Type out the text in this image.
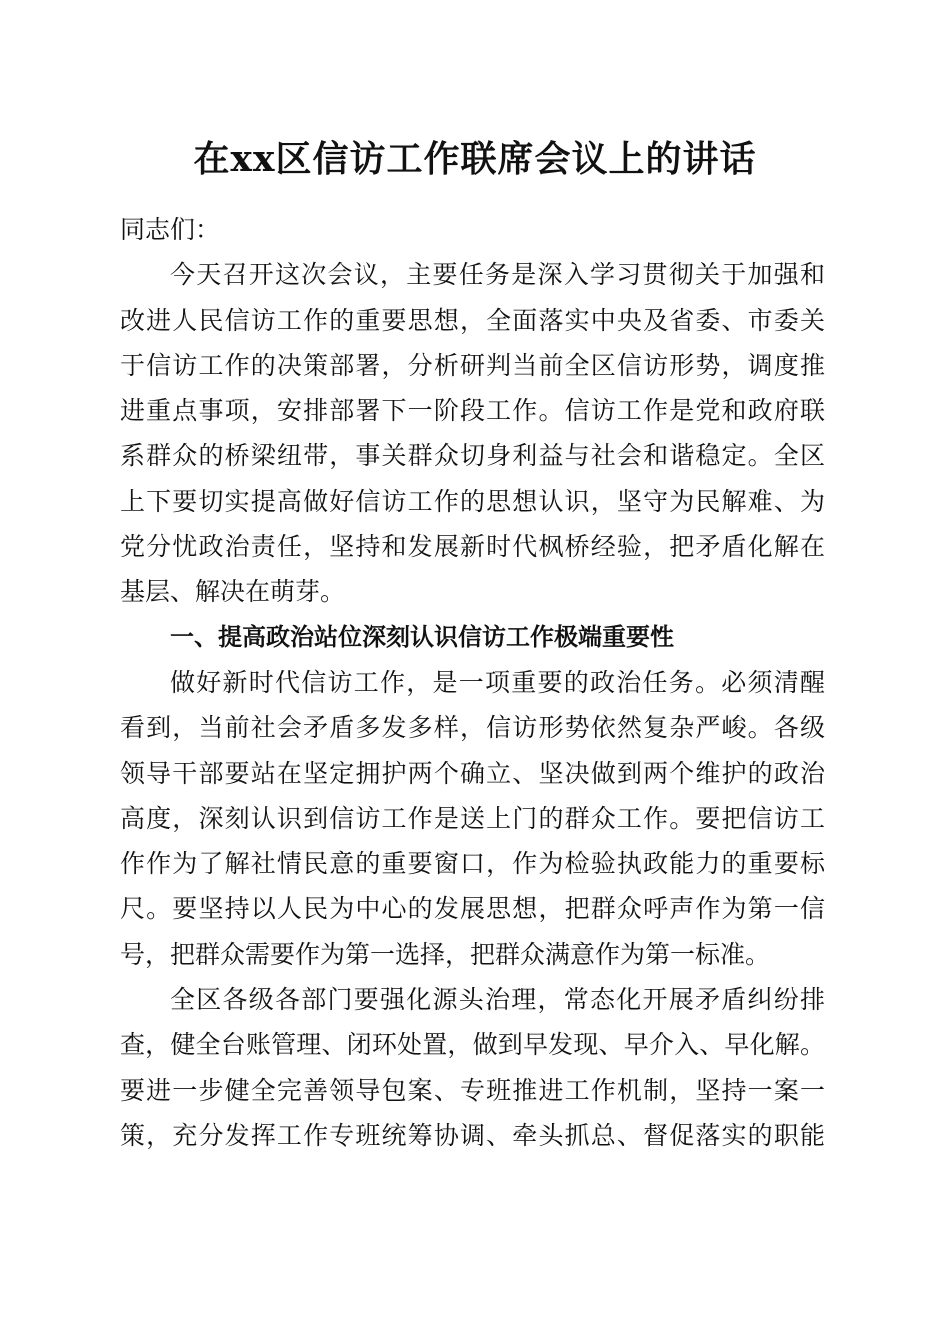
在xx区信访工作联席会议上的讲话
同志们：
今天召开这次会议，主要任务是深入学习贯彻关于加强和
改进人民信访工作的重要思想，全面落实中央及省委、市委关
于信访工作的决策部署，分析研判当前全区信访形势，调度推
进重点事项，安排部署下一阶段工作。信访工作是党和政府联
系群众的桥梁纽带，事关群众切身利益与社会和谐稳定。全区
上下要切实提高做好信访工作的思想认识，坚守为民解难、为
党分忧政治责任，坚持和发展新时代枫桥经验，把矛盾化解在
基层、解决在萌芽。
一、提高政治站位深刻认识信访工作极端重要性
做好新时代信访工作，是一项重要的政治任务。必须清醒
看到，当前社会矛盾多发多样，信访形势依然复杂严峻。各级
领导干部要站在坚定拥护两个确立、坚决做到两个维护的政治
高度，深刻认识到信访工作是送上门的群众工作。要把信访工
作作为了解社情民意的重要窗口，作为检验执政能力的重要标
尺。要坚持以人民为中心的发展思想，把群众呼声作为第一信
号，把群众需要作为第一选择，把群众满意作为第一标准。
全区各级各部门要强化源头治理，常态化开展矛盾纠纷排
查，健全台账管理、闭环处置，做到早发现、早介入、早化解。
要进一步健全完善领导包案、专班推进工作机制，坚持一案一
策，充分发挥工作专班统筹协调、牵头抓总、督促落实的职能
